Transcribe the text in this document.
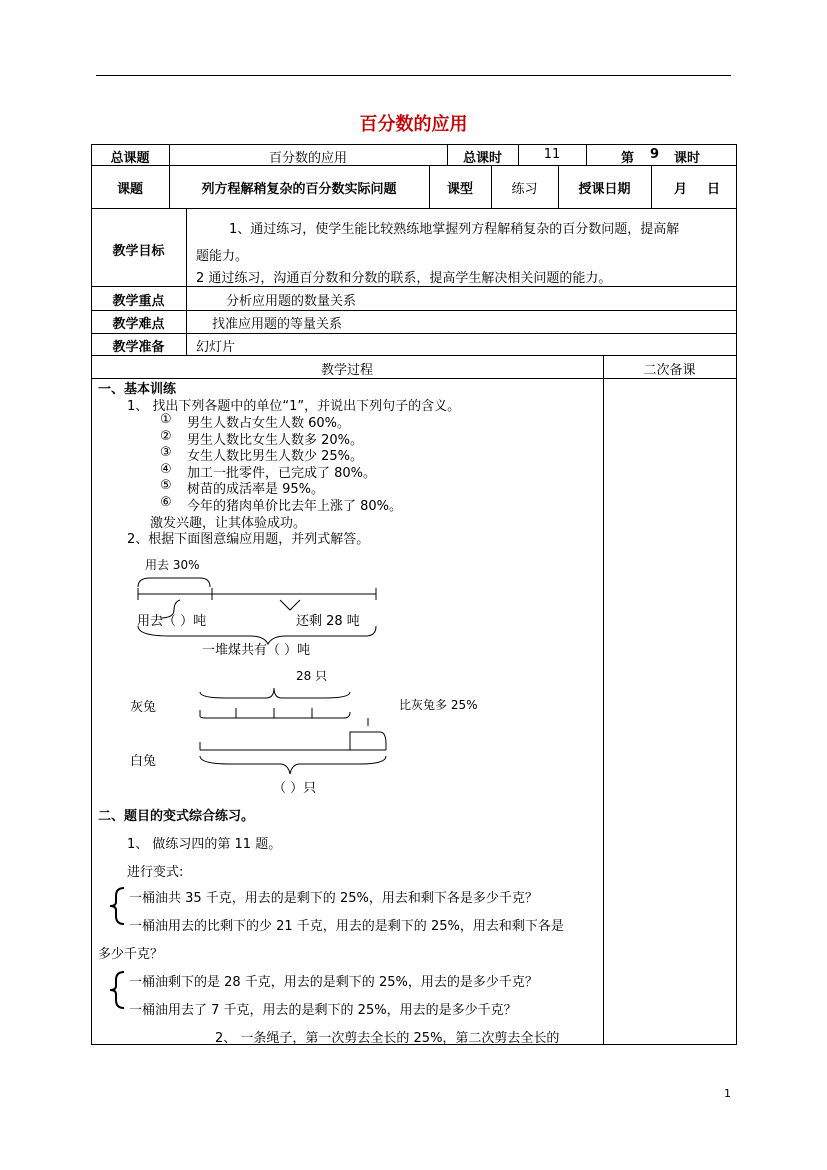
百分数的应用
总课题	百分数的应用	总课时	11	第 9 课时
课题	列方程解稍复杂的百分数实际问题	课型	练习	授课日期	月 日
教学目标
1、通过练习，使学生能比较熟练地掌握列方程解稍复杂的百分数问题，提高解
题能力。
2 通过练习，沟通百分数和分数的联系，提高学生解决相关问题的能力。
教学重点	分析应用题的数量关系
教学难点	找准应用题的等量关系
教学准备	幻灯片
教学过程	二次备课
一、基本训练
1、 找出下列各题中的单位“1”，并说出下列句子的含义。
① 男生人数占女生人数 60%。
② 男生人数比女生人数多 20%。
③ 女生人数比男生人数少 25%。
④ 加工一批零件，已完成了 80%。
⑤ 树苗的成活率是 95%。
⑥ 今年的猪肉单价比去年上涨了 80%。
激发兴趣，让其体验成功。
2、根据下面图意编应用题，并列式解答。
用去 30%
用去（ ）吨	还剩 28 吨
一堆煤共有（ ）吨
28 只
灰兔	比灰兔多 25%
白兔
（ ）只
二、题目的变式综合练习。
1、 做练习四的第 11 题。
进行变式:
一桶油共 35 千克，用去的是剩下的 25%，用去和剩下各是多少千克？
一桶油用去的比剩下的少 21 千克，用去的是剩下的 25%，用去和剩下各是
多少千克？
一桶油剩下的是 28 千克，用去的是剩下的 25%，用去的是多少千克？
一桶油用去了 7 千克，用去的是剩下的 25%，用去的是多少千克？
2、 一条绳子，第一次剪去全长的 25%，第二次剪去全长的
1
